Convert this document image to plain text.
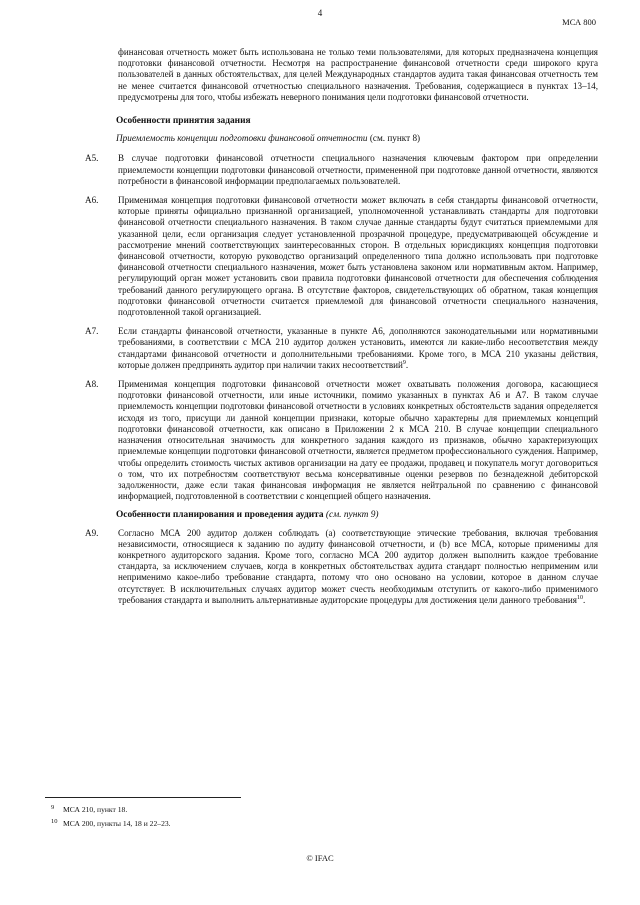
4
МСА 800

финансовая отчетность может быть использована не только теми пользователями, для которых предназначена концепция подготовки финансовой отчетности. Несмотря на распространение финансовой отчетности среди широкого круга пользователей в данных обстоятельствах, для целей Международных стандартов аудита такая финансовая отчетность тем не менее считается финансовой отчетностью специального назначения. Требования, содержащиеся в пунктах 13–14, предусмотрены для того, чтобы избежать неверного понимания цели подготовки финансовой отчетности.

Особенности принятия задания
Приемлемость концепции подготовки финансовой отчетности (см. пункт 8)
A5. В случае подготовки финансовой отчетности специального назначения ключевым фактором при определении приемлемости концепции подготовки финансовой отчетности, примененной при подготовке данной отчетности, являются потребности в финансовой информации предполагаемых пользователей.

A6. Применимая концепция подготовки финансовой отчетности может включать в себя стандарты финансовой отчетности, которые приняты официально признанной организацией, уполномоченной устанавливать стандарты для подготовки финансовой отчетности специального назначения. В таком случае данные стандарты будут считаться приемлемыми для указанной цели, если организация следует установленной прозрачной процедуре, предусматривающей обсуждение и рассмотрение мнений соответствующих заинтересованных сторон. В отдельных юрисдикциях концепция подготовки финансовой отчетности, которую руководство организаций определенного типа должно использовать при подготовке финансовой отчетности специального назначения, может быть установлена законом или нормативным актом. Например, регулирующий орган может установить свои правила подготовки финансовой отчетности для обеспечения соблюдения требований данного регулирующего органа. В отсутствие факторов, свидетельствующих об обратном, такая концепция подготовки финансовой отчетности считается приемлемой для финансовой отчетности специального назначения, подготовленной такой организацией.

A7. Если стандарты финансовой отчетности, указанные в пункте A6, дополняются законодательными или нормативными требованиями, в соответствии с МСА 210 аудитор должен установить, имеются ли какие-либо несоответствия между стандартами финансовой отчетности и дополнительными требованиями. Кроме того, в МСА 210 указаны действия, которые должен предпринять аудитор при наличии таких несоответствий$^9$.

A8. Применимая концепция подготовки финансовой отчетности может охватывать положения договора, касающиеся подготовки финансовой отчетности, или иные источники, помимо указанных в пунктах A6 и A7. В таком случае приемлемость концепции подготовки финансовой отчетности в условиях конкретных обстоятельств задания определяется исходя из того, присущи ли данной концепции признаки, которые обычно характерны для приемлемых концепций подготовки финансовой отчетности, как описано в Приложении 2 к МСА 210. В случае концепции специального назначения относительная значимость для конкретного задания каждого из признаков, обычно характеризующих приемлемые концепции подготовки финансовой отчетности, является предметом профессионального суждения. Например, чтобы определить стоимость чистых активов организации на дату ее продажи, продавец и покупатель могут договориться о том, что их потребностям соответствуют весьма консервативные оценки резервов по безнадежной дебиторской задолженности, даже если такая финансовая информация не является нейтральной по сравнению с финансовой информацией, подготовленной в соответствии с концепцией общего назначения.

Особенности планирования и проведения аудита (см. пункт 9)
A9. Согласно МСА 200 аудитор должен соблюдать (a) соответствующие этические требования, включая требования независимости, относящиеся к заданию по аудиту финансовой отчетности, и (b) все МСА, которые применимы для конкретного аудиторского задания. Кроме того, согласно МСА 200 аудитор должен выполнить каждое требование стандарта, за исключением случаев, когда в конкретных обстоятельствах аудита стандарт полностью неприменим или неприменимо какое-либо требование стандарта, потому что оно основано на условии, которое в данном случае отсутствует. В исключительных случаях аудитор может счесть необходимым отступить от какого-либо применимого требования стандарта и выполнить альтернативные аудиторские процедуры для достижения цели данного требования$^{10}$.

9 МСА 210, пункт 18.
10 МСА 200, пункты 14, 18 и 22–23.
© IFAC
